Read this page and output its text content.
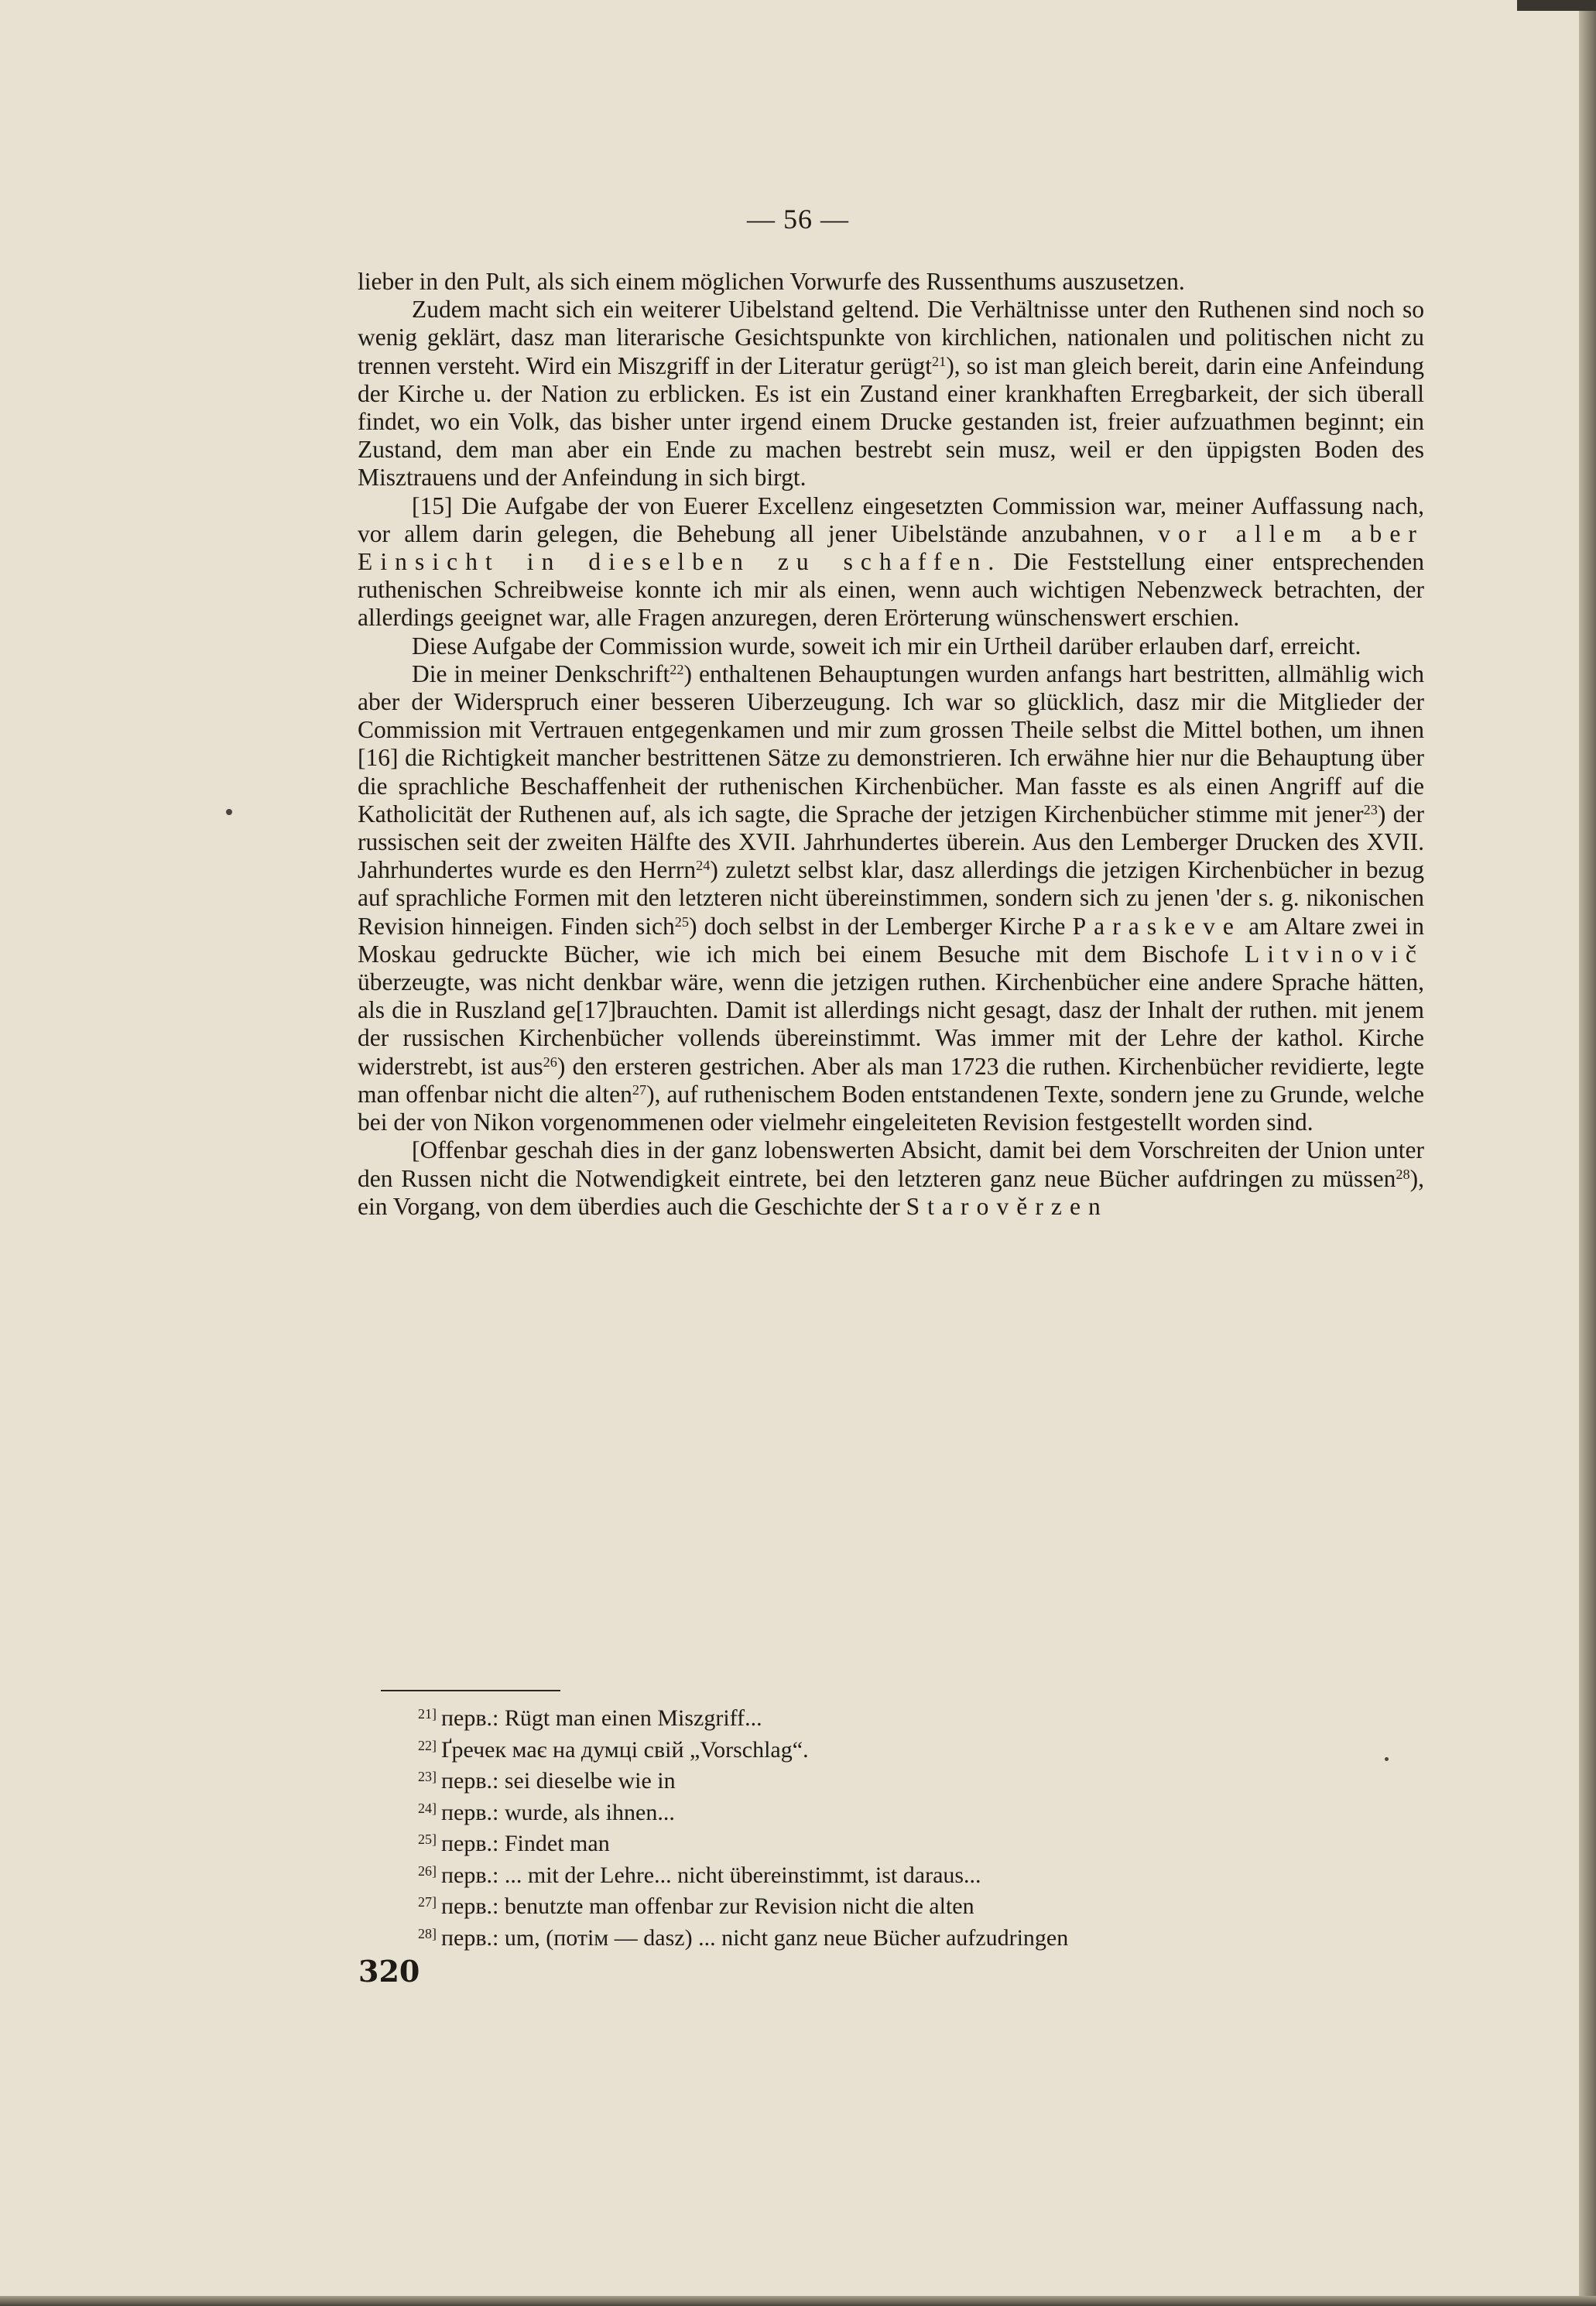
— 56 —

lieber in den Pult, als sich einem möglichen Vorwurfe des Russenthums auszusetzen.

Zudem macht sich ein weiterer Uibelstand geltend. Die Verhältnisse unter den Ruthenen sind noch so wenig geklärt, dasz man literarische Gesichtspunkte von kirchlichen, nationalen und politischen nicht zu trennen versteht. Wird ein Miszgriff in der Literatur gerügt$^{21}$), so ist man gleich bereit, darin eine Anfeindung der Kirche u. der Nation zu erblicken. Es ist ein Zustand einer krankhaften Erregbarkeit, der sich überall findet, wo ein Volk, das bisher unter irgend einem Drucke gestanden ist, freier aufzuathmen beginnt; ein Zustand, dem man aber ein Ende zu machen bestrebt sein musz, weil er den üppigsten Boden des Misztrauens und der Anfeindung in sich birgt.

[15] Die Aufgabe der von Euerer Excellenz eingesetzten Commission war, meiner Auffassung nach, vor allem darin gelegen, die Behebung all jener Uibelstände anzubahnen, vor allem aber Einsicht in dieselben zu schaffen. Die Feststellung einer entsprechenden ruthenischen Schreibweise konnte ich mir als einen, wenn auch wichtigen Nebenzweck betrachten, der allerdings geeignet war, alle Fragen anzuregen, deren Erörterung wünschenswert erschien.

Diese Aufgabe der Commission wurde, soweit ich mir ein Urtheil darüber erlauben darf, erreicht.

Die in meiner Denkschrift$^{22}$) enthaltenen Behauptungen wurden anfangs hart bestritten, allmählig wich aber der Widerspruch einer besseren Uiberzeugung. Ich war so glücklich, dasz mir die Mitglieder der Commission mit Vertrauen entgegenkamen und mir zum grossen Theile selbst die Mittel bothen, um ihnen [16] die Richtigkeit mancher bestrittenen Sätze zu demonstrieren. Ich erwähne hier nur die Behauptung über die sprachliche Beschaffenheit der ruthenischen Kirchenbücher. Man fasste es als einen Angriff auf die Katholicität der Ruthenen auf, als ich sagte, die Sprache der jetzigen Kirchenbücher stimme mit jener$^{23}$) der russischen seit der zweiten Hälfte des XVII. Jahrhundertes überein. Aus den Lemberger Drucken des XVII. Jahrhundertes wurde es den Herrn$^{24}$) zuletzt selbst klar, dasz allerdings die jetzigen Kirchenbücher in bezug auf sprachliche Formen mit den letzteren nicht übereinstimmen, sondern sich zu jenen 'der s. g. nikonischen Revision hinneigen. Finden sich$^{25}$) doch selbst in der Lemberger Kirche Paraskeve am Altare zwei in Moskau gedruckte Bücher, wie ich mich bei einem Besuche mit dem Bischofe Litvinovič überzeugte, was nicht denkbar wäre, wenn die jetzigen ruthen. Kirchenbücher eine andere Sprache hätten, als die in Ruszland ge[17]brauchten. Damit ist allerdings nicht gesagt, dasz der Inhalt der ruthen. mit jenem der russischen Kirchenbücher vollends übereinstimmt. Was immer mit der Lehre der kathol. Kirche widerstrebt, ist aus$^{26}$) den ersteren gestrichen. Aber als man 1723 die ruthen. Kirchenbücher revidierte, legte man offenbar nicht die alten$^{27}$), auf ruthenischem Boden entstandenen Texte, sondern jene zu Grunde, welche bei der von Nikon vorgenommenen oder vielmehr eingeleiteten Revision festgestellt worden sind.

[Offenbar geschah dies in der ganz lobenswerten Absicht, damit bei dem Vorschreiten der Union unter den Russen nicht die Notwendigkeit eintrete, bei den letzteren ganz neue Bücher aufdringen zu müssen$^{28}$), ein Vorgang, von dem überdies auch die Geschichte der Starověrzen

21] перв.: Rügt man einen Miszgriff...
22] Ґречек має на думці свій „Vorschlag“.
23] перв.: sei dieselbe wie in
24] перв.: wurde, als ihnen...
25] перв.: Findet man
26] перв.: ... mit der Lehre... nicht übereinstimmt, ist daraus...
27] перв.: benutzte man offenbar zur Revision nicht die alten
28] перв.: um, (потім — dasz) ... nicht ganz neue Bücher aufzudringen
320
